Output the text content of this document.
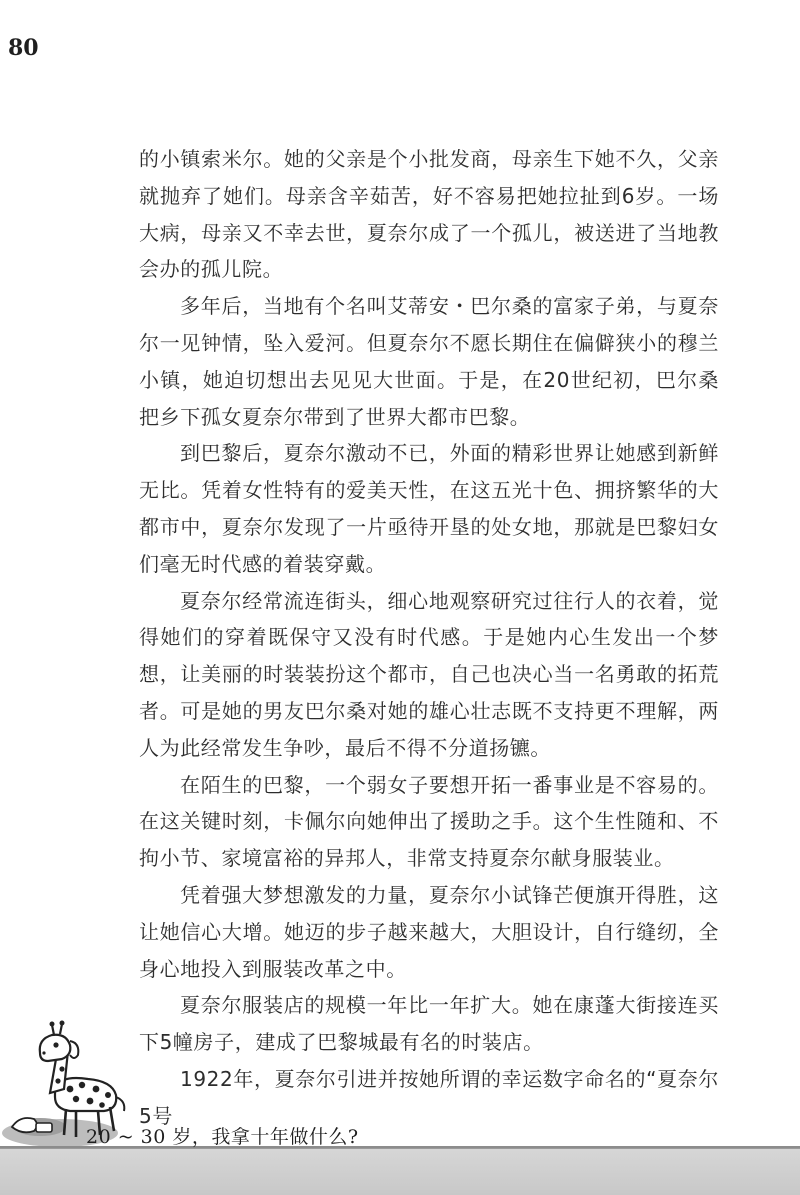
80

的小镇索米尔。她的父亲是个小批发商，母亲生下她不久，父亲就抛弃了她们。母亲含辛茹苦，好不容易把她拉扯到6岁。一场大病，母亲又不幸去世，夏奈尔成了一个孤儿，被送进了当地教会办的孤儿院。

多年后，当地有个名叫艾蒂安・巴尔桑的富家子弟，与夏奈尔一见钟情，坠入爱河。但夏奈尔不愿长期住在偏僻狭小的穆兰小镇，她迫切想出去见见大世面。于是，在20世纪初，巴尔桑把乡下孤女夏奈尔带到了世界大都市巴黎。

到巴黎后，夏奈尔激动不已，外面的精彩世界让她感到新鲜无比。凭着女性特有的爱美天性，在这五光十色、拥挤繁华的大都市中，夏奈尔发现了一片亟待开垦的处女地，那就是巴黎妇女们毫无时代感的着装穿戴。

夏奈尔经常流连街头，细心地观察研究过往行人的衣着，觉得她们的穿着既保守又没有时代感。于是她内心生发出一个梦想，让美丽的时装装扮这个都市，自己也决心当一名勇敢的拓荒者。可是她的男友巴尔桑对她的雄心壮志既不支持更不理解，两人为此经常发生争吵，最后不得不分道扬镳。

在陌生的巴黎，一个弱女子要想开拓一番事业是不容易的。在这关键时刻，卡佩尔向她伸出了援助之手。这个生性随和、不拘小节、家境富裕的异邦人，非常支持夏奈尔献身服装业。

凭着强大梦想激发的力量，夏奈尔小试锋芒便旗开得胜，这让她信心大增。她迈的步子越来越大，大胆设计，自行缝纫，全身心地投入到服装改革之中。

夏奈尔服装店的规模一年比一年扩大。她在康蓬大街接连买下5幢房子，建成了巴黎城最有名的时装店。

1922年，夏奈尔引进并按她所谓的幸运数字命名的“夏奈尔5号

20 ~ 30 岁，我拿十年做什么?
